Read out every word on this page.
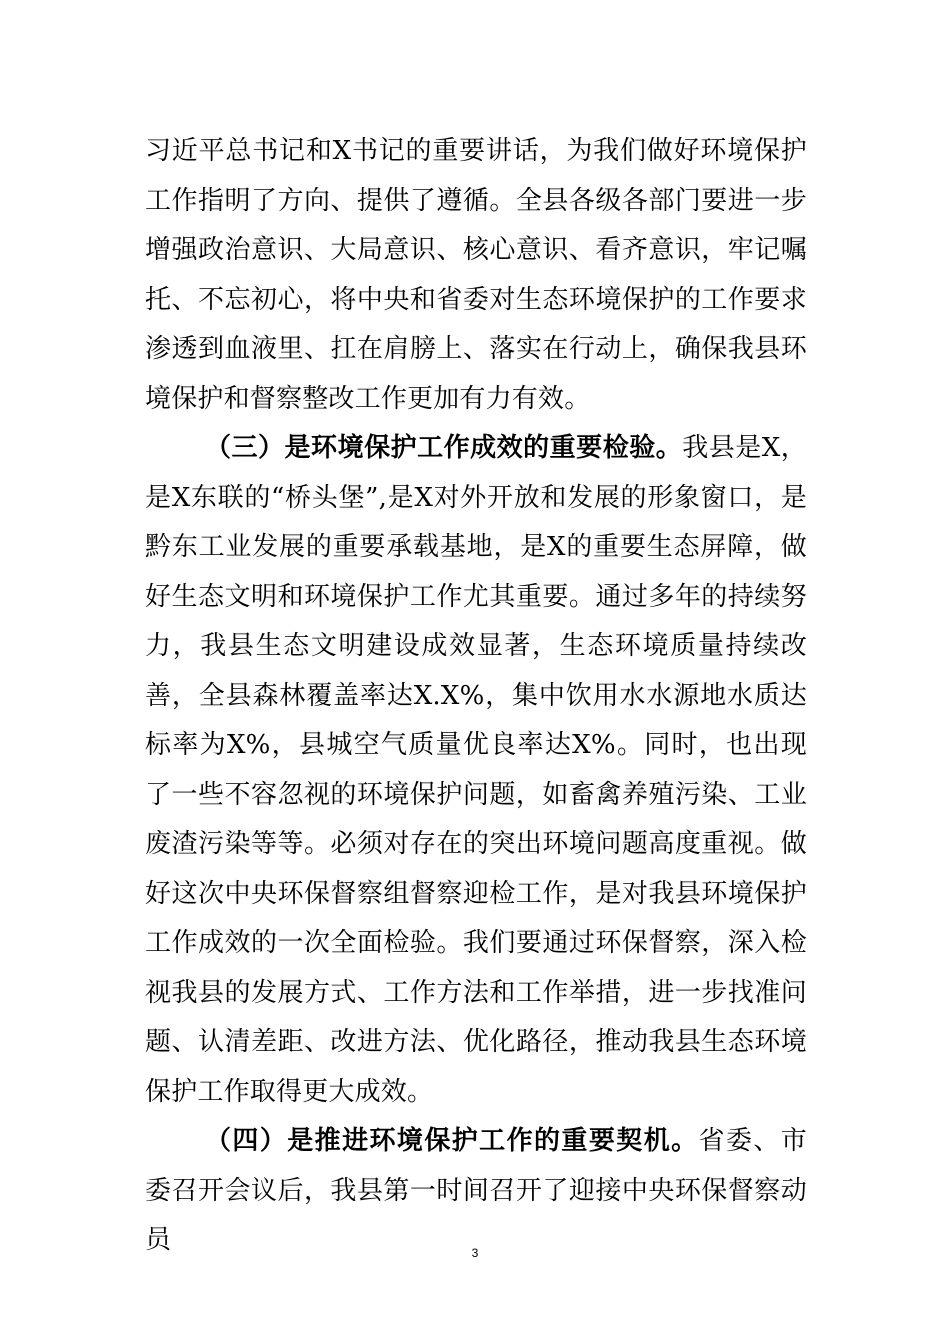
习近平总书记和X书记的重要讲话，为我们做好环境保护工作指明了方向、提供了遵循。全县各级各部门要进一步增强政治意识、大局意识、核心意识、看齐意识，牢记嘱托、不忘初心，将中央和省委对生态环境保护的工作要求渗透到血液里、扛在肩膀上、落实在行动上，确保我县环境保护和督察整改工作更加有力有效。

（三）是环境保护工作成效的重要检验。我县是X，是X东联的“桥头堡”,是X对外开放和发展的形象窗口，是黔东工业发展的重要承载基地，是X的重要生态屏障，做好生态文明和环境保护工作尤其重要。通过多年的持续努力，我县生态文明建设成效显著，生态环境质量持续改善，全县森林覆盖率达X.X%，集中饮用水水源地水质达标率为X%，县城空气质量优良率达X%。同时，也出现了一些不容忽视的环境保护问题，如畜禽养殖污染、工业废渣污染等等。必须对存在的突出环境问题高度重视。做好这次中央环保督察组督察迎检工作，是对我县环境保护工作成效的一次全面检验。我们要通过环保督察，深入检视我县的发展方式、工作方法和工作举措，进一步找准问题、认清差距、改进方法、优化路径，推动我县生态环境保护工作取得更大成效。

（四）是推进环境保护工作的重要契机。省委、市委召开会议后，我县第一时间召开了迎接中央环保督察动员	3
